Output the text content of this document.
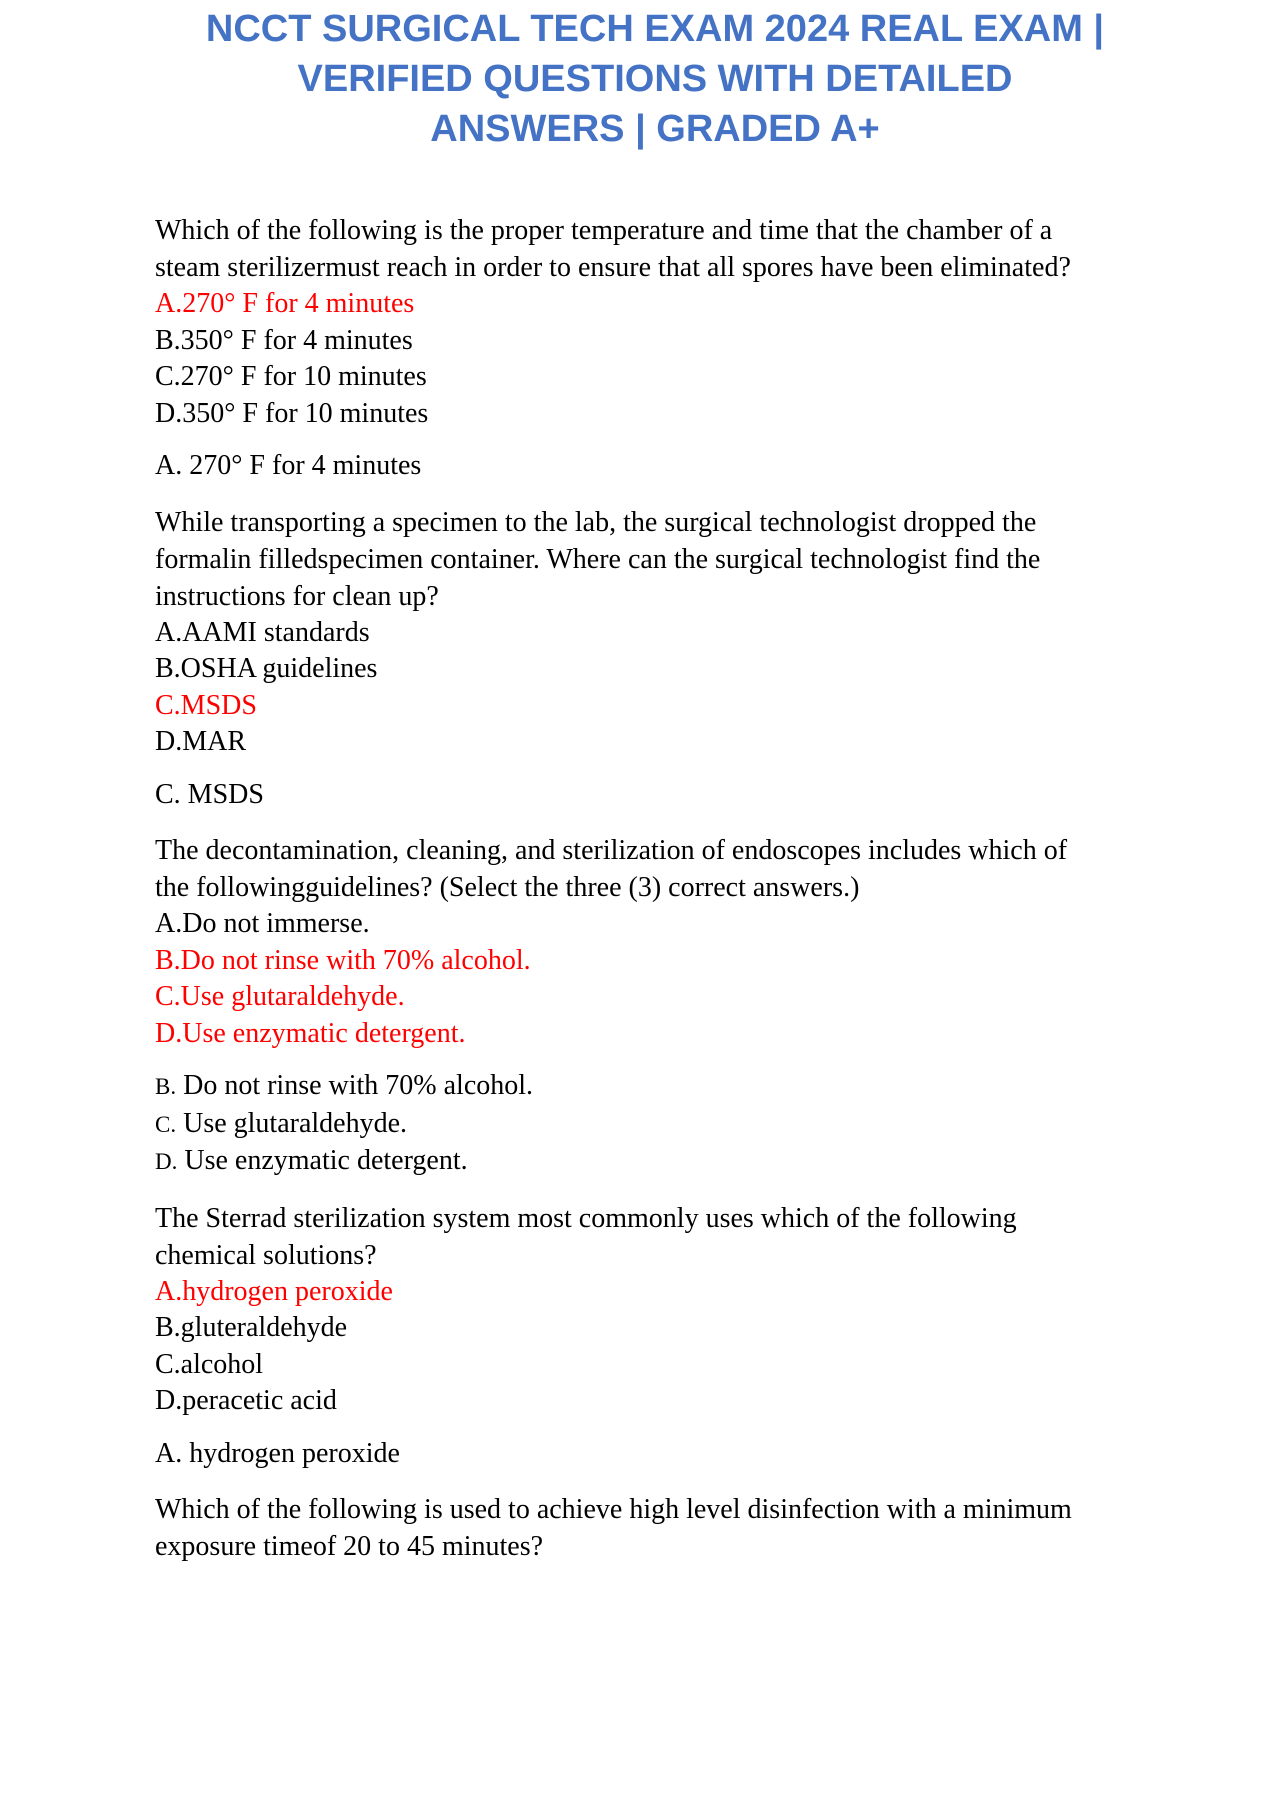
NCCT SURGICAL TECH EXAM 2024 REAL EXAM |
VERIFIED QUESTIONS WITH DETAILED
ANSWERS | GRADED A+

Which of the following is the proper temperature and time that the chamber of a
steam sterilizermust reach in order to ensure that all spores have been eliminated?

A.270° F for 4 minutes
B.350° F for 4 minutes
C.270° F for 10 minutes
D.350° F for 10 minutes

A. 270° F for 4 minutes

While transporting a specimen to the lab, the surgical technologist dropped the
formalin filledspecimen container. Where can the surgical technologist find the
instructions for clean up?

A.AAMI standards
B.OSHA guidelines
C.MSDS
D.MAR

C. MSDS

The decontamination, cleaning, and sterilization of endoscopes includes which of
the followingguidelines? (Select the three (3) correct answers.)

A.Do not immerse.
B.Do not rinse with 70% alcohol.
C.Use glutaraldehyde.
D.Use enzymatic detergent.
B. Do not rinse with 70% alcohol.
C. Use glutaraldehyde.
D. Use enzymatic detergent.

The Sterrad sterilization system most commonly uses which of the following
chemical solutions?

A.hydrogen peroxide
B.gluteraldehyde
C.alcohol
D.peracetic acid

A. hydrogen peroxide

Which of the following is used to achieve high level disinfection with a minimum
exposure timeof 20 to 45 minutes?
